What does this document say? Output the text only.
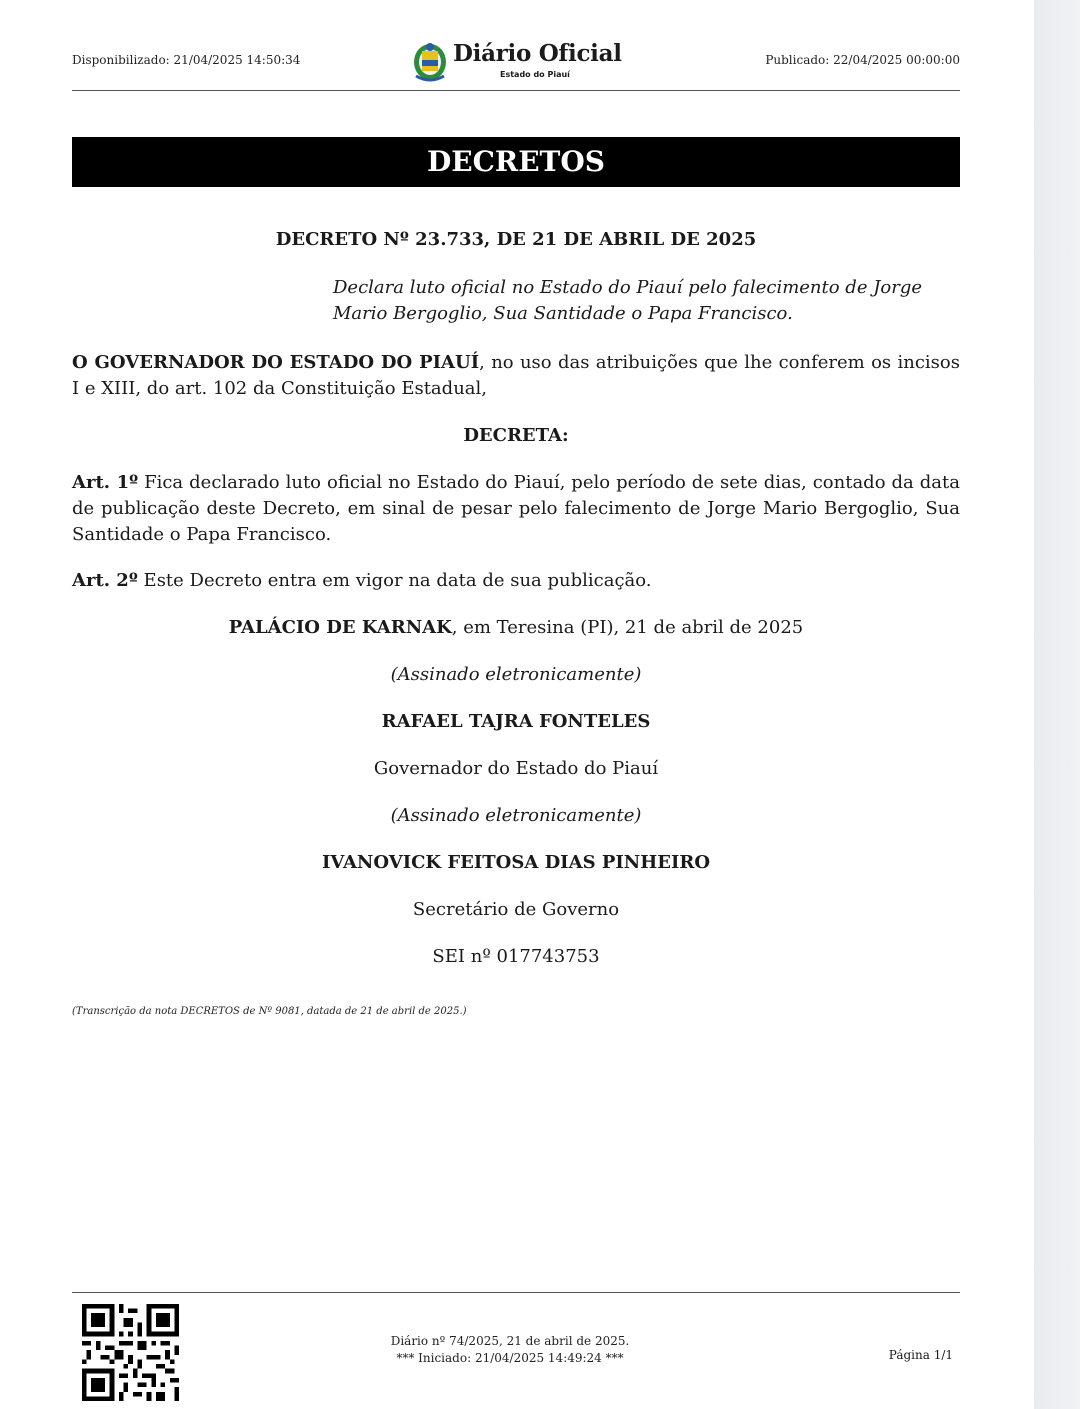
Disponibilizado: 21/04/2025 14:50:34	Diário Oficial
Estado do Piauí
Publicado: 22/04/2025 00:00:00
DECRETOS
DECRETO Nº 23.733, DE 21 DE ABRIL DE 2025
Declara luto oficial no Estado do Piauí pelo falecimento de Jorge Mario Bergoglio, Sua Santidade o Papa Francisco.
O GOVERNADOR DO ESTADO DO PIAUÍ, no uso das atribuições que lhe conferem os incisos I e XIII, do art. 102 da Constituição Estadual,
DECRETA:
Art. 1º Fica declarado luto oficial no Estado do Piauí, pelo período de sete dias, contado da data de publicação deste Decreto, em sinal de pesar pelo falecimento de Jorge Mario Bergoglio, Sua Santidade o Papa Francisco.
Art. 2º Este Decreto entra em vigor na data de sua publicação.
PALÁCIO DE KARNAK, em Teresina (PI), 21 de abril de 2025
(Assinado eletronicamente)
RAFAEL TAJRA FONTELES
Governador do Estado do Piauí
(Assinado eletronicamente)
IVANOVICK FEITOSA DIAS PINHEIRO
Secretário de Governo
SEI nº 017743753
(Transcrição da nota DECRETOS de Nº 9081, datada de 21 de abril de 2025.)
Diário nº 74/2025, 21 de abril de 2025.
*** Iniciado: 21/04/2025 14:49:24 ***	Página 1/1
